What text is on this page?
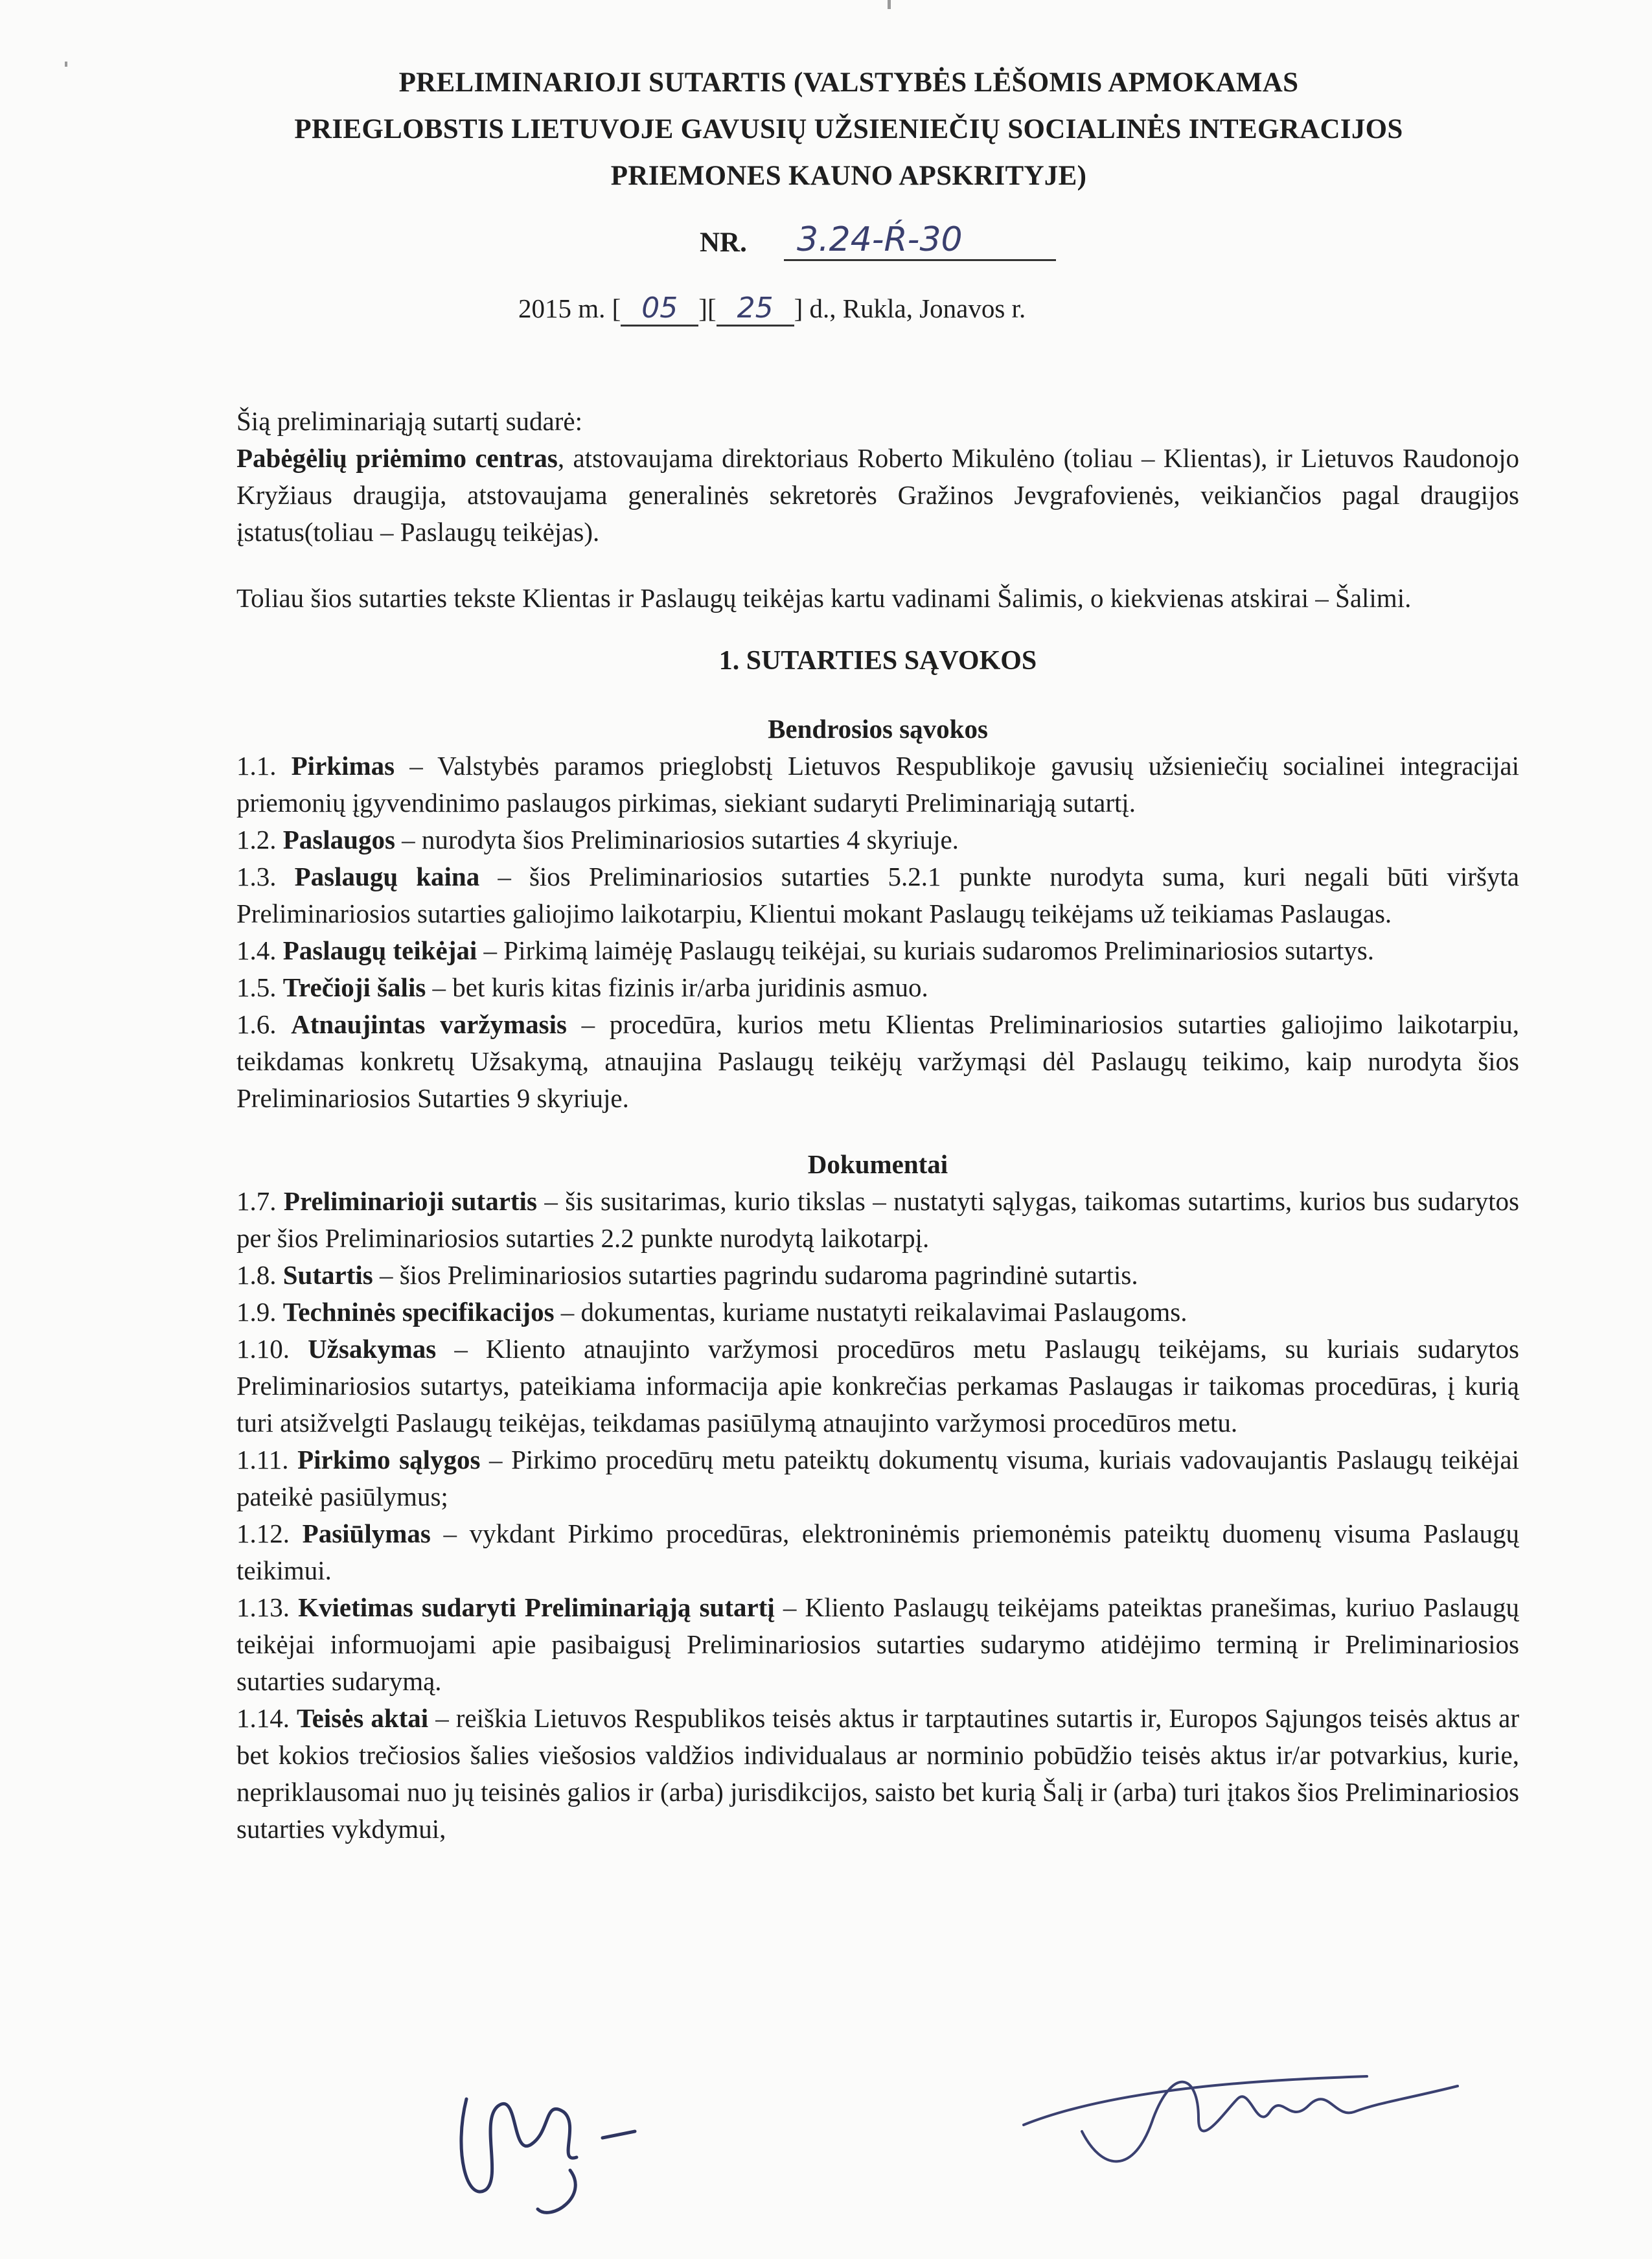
PRELIMINARIOJI SUTARTIS (VALSTYBĖS LĖŠOMIS APMOKAMAS
PRIEGLOBSTIS LIETUVOJE GAVUSIŲ UŽSIENIEČIŲ SOCIALINĖS INTEGRACIJOS
PRIEMONES KAUNO APSKRITYJE)
NR.	3.24-Ŕ-30
2015 m. [ 05 ][ 25 ] d., Rukla, Jonavos r.

Šią preliminariąją sutartį sudarė:

Pabėgėlių priėmimo centras, atstovaujama direktoriaus Roberto Mikulėno (toliau – Klientas), ir Lietuvos Raudonojo Kryžiaus draugija, atstovaujama generalinės sekretorės Gražinos Jevgrafovienės, veikiančios pagal draugijos įstatus(toliau – Paslaugų teikėjas).

Toliau šios sutarties tekste Klientas ir Paslaugų teikėjas kartu vadinami Šalimis, o kiekvienas atskirai – Šalimi.

1. SUTARTIES SĄVOKOS
Bendrosios sąvokos

1.1. Pirkimas – Valstybės paramos prieglobstį Lietuvos Respublikoje gavusių užsieniečių socialinei integracijai priemonių įgyvendinimo paslaugos pirkimas, siekiant sudaryti Preliminariąją sutartį.

1.2. Paslaugos – nurodyta šios Preliminariosios sutarties 4 skyriuje.

1.3. Paslaugų kaina – šios Preliminariosios sutarties 5.2.1 punkte nurodyta suma, kuri negali būti viršyta Preliminariosios sutarties galiojimo laikotarpiu, Klientui mokant Paslaugų teikėjams už teikiamas Paslaugas.

1.4. Paslaugų teikėjai – Pirkimą laimėję Paslaugų teikėjai, su kuriais sudaromos Preliminariosios sutartys.

1.5. Trečioji šalis – bet kuris kitas fizinis ir/arba juridinis asmuo.

1.6. Atnaujintas varžymasis – procedūra, kurios metu Klientas Preliminariosios sutarties galiojimo laikotarpiu, teikdamas konkretų Užsakymą, atnaujina Paslaugų teikėjų varžymąsi dėl Paslaugų teikimo, kaip nurodyta šios Preliminariosios Sutarties 9 skyriuje.

Dokumentai

1.7. Preliminarioji sutartis – šis susitarimas, kurio tikslas – nustatyti sąlygas, taikomas sutartims, kurios bus sudarytos per šios Preliminariosios sutarties 2.2 punkte nurodytą laikotarpį.

1.8. Sutartis – šios Preliminariosios sutarties pagrindu sudaroma pagrindinė sutartis.

1.9. Techninės specifikacijos – dokumentas, kuriame nustatyti reikalavimai Paslaugoms.

1.10. Užsakymas – Kliento atnaujinto varžymosi procedūros metu Paslaugų teikėjams, su kuriais sudarytos Preliminariosios sutartys, pateikiama informacija apie konkrečias perkamas Paslaugas ir taikomas procedūras, į kurią turi atsižvelgti Paslaugų teikėjas, teikdamas pasiūlymą atnaujinto varžymosi procedūros metu.

1.11. Pirkimo sąlygos – Pirkimo procedūrų metu pateiktų dokumentų visuma, kuriais vadovaujantis Paslaugų teikėjai pateikė pasiūlymus;

1.12. Pasiūlymas – vykdant Pirkimo procedūras, elektroninėmis priemonėmis pateiktų duomenų visuma Paslaugų teikimui.

1.13. Kvietimas sudaryti Preliminariąją sutartį – Kliento Paslaugų teikėjams pateiktas pranešimas, kuriuo Paslaugų teikėjai informuojami apie pasibaigusį Preliminariosios sutarties sudarymo atidėjimo terminą ir Preliminariosios sutarties sudarymą.

1.14. Teisės aktai – reiškia Lietuvos Respublikos teisės aktus ir tarptautines sutartis ir, Europos Sąjungos teisės aktus ar bet kokios trečiosios šalies viešosios valdžios individualaus ar norminio pobūdžio teisės aktus ir/ar potvarkius, kurie, nepriklausomai nuo jų teisinės galios ir (arba) jurisdikcijos, saisto bet kurią Šalį ir (arba) turi įtakos šios Preliminariosios sutarties vykdymui,
